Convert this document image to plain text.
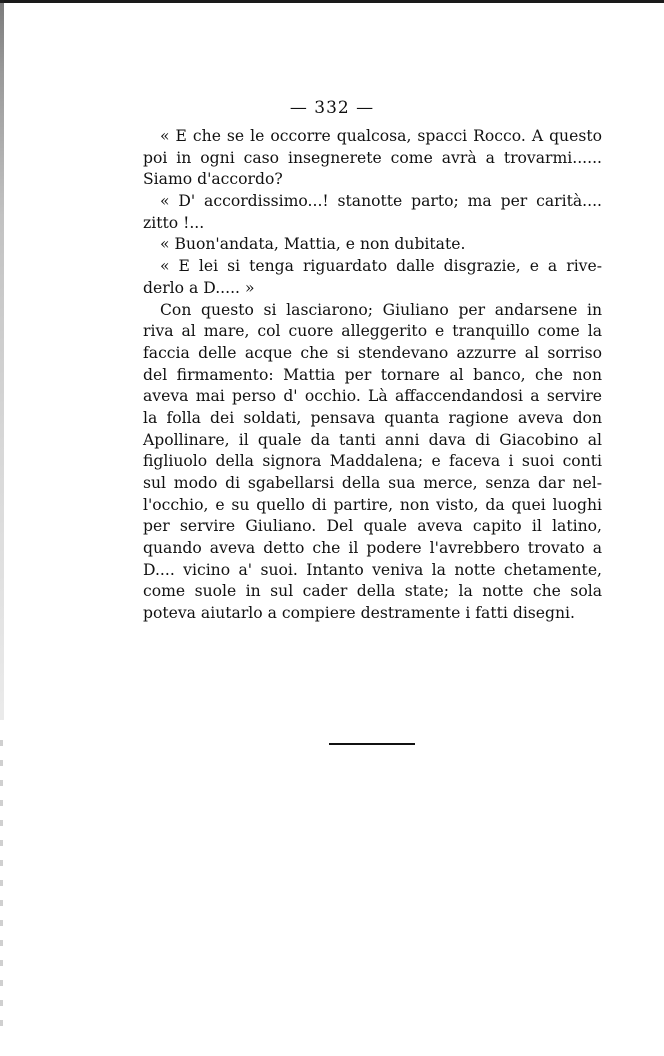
— 332 —
« E che se le occorre qualcosa, spacci Rocco. A questo
poi in ogni caso insegnerete come avrà a trovarmi......
Siamo d'accordo?
« D' accordissimo...! stanotte parto; ma per carità....
zitto !...
« Buon'andata, Mattia, e non dubitate.
« E lei si tenga riguardato dalle disgrazie, e a rive-
derlo a D..... »
Con questo si lasciarono; Giuliano per andarsene in
riva al mare, col cuore alleggerito e tranquillo come la
faccia delle acque che si stendevano azzurre al sorriso
del firmamento: Mattia per tornare al banco, che non
aveva mai perso d' occhio. Là affaccendandosi a servire
la folla dei soldati, pensava quanta ragione aveva don
Apollinare, il quale da tanti anni dava di Giacobino al
figliuolo della signora Maddalena; e faceva i suoi conti
sul modo di sgabellarsi della sua merce, senza dar nel-
l'occhio, e su quello di partire, non visto, da quei luoghi
per servire Giuliano. Del quale aveva capito il latino,
quando aveva detto che il podere l'avrebbero trovato a
D.... vicino a' suoi. Intanto veniva la notte chetamente,
come suole in sul cader della state; la notte che sola
poteva aiutarlo a compiere destramente i fatti disegni.
